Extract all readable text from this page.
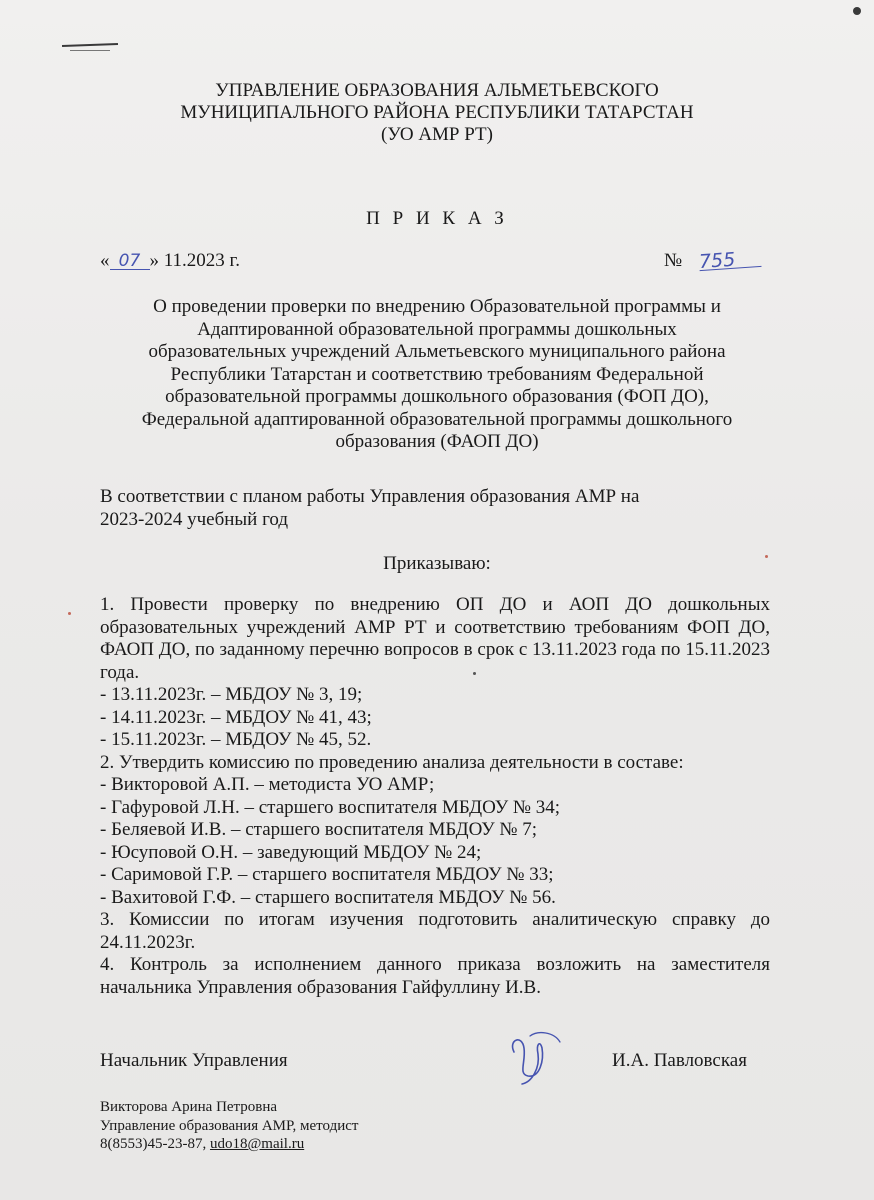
УПРАВЛЕНИЕ ОБРАЗОВАНИЯ АЛЬМЕТЬЕВСКОГО
МУНИЦИПАЛЬНОГО РАЙОНА РЕСПУБЛИКИ ТАТАРСТАН
(УО АМР РТ)
П Р И К А З
« 07 » 11.2023 г.	№ 755
О проведении проверки по внедрению Образовательной программы и
Адаптированной образовательной программы дошкольных
образовательных учреждений Альметьевского муниципального района
Республики Татарстан и соответствию требованиям Федеральной
образовательной программы дошкольного образования (ФОП ДО),
Федеральной адаптированной образовательной программы дошкольного
образования (ФАОП ДО)
В соответствии с планом работы Управления образования АМР на
2023-2024 учебный год
Приказываю:
1. Провести проверку по внедрению ОП ДО и АОП ДО дошкольных образовательных учреждений АМР РТ и соответствию требованиям ФОП ДО, ФАОП ДО, по заданному перечню вопросов в срок с 13.11.2023 года по 15.11.2023 года.
- 13.11.2023г. – МБДОУ № 3, 19;
- 14.11.2023г. – МБДОУ № 41, 43;
- 15.11.2023г. – МБДОУ № 45, 52.
2. Утвердить комиссию по проведению анализа деятельности в составе:
- Викторовой А.П. – методиста УО АМР;
- Гафуровой Л.Н. – старшего воспитателя МБДОУ № 34;
- Беляевой И.В. – старшего воспитателя МБДОУ № 7;
- Юсуповой О.Н. – заведующий МБДОУ № 24;
- Саримовой Г.Р. – старшего воспитателя МБДОУ № 33;
- Вахитовой Г.Ф. – старшего воспитателя МБДОУ № 56.
3. Комиссии по итогам изучения подготовить аналитическую справку до 24.11.2023г.
4. Контроль за исполнением данного приказа возложить на заместителя начальника Управления образования Гайфуллину И.В.
Начальник Управления	И.А. Павловская
Викторова Арина Петровна
Управление образования АМР, методист
8(8553)45-23-87, udo18@mail.ru
